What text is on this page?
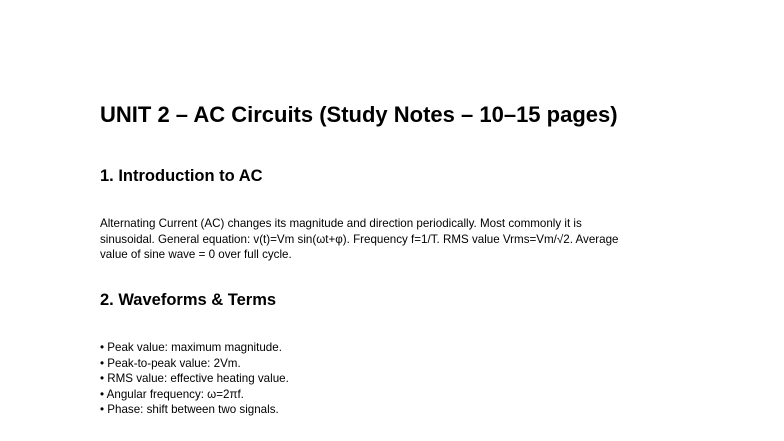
UNIT 2 – AC Circuits (Study Notes – 10–15 pages)
1. Introduction to AC

Alternating Current (AC) changes its magnitude and direction periodically. Most commonly it is
sinusoidal. General equation: v(t)=Vm sin(ωt+φ). Frequency f=1/T. RMS value Vrms=Vm/√2. Average
value of sine wave = 0 over full cycle.

2. Waveforms & Terms
• Peak value: maximum magnitude.
• Peak-to-peak value: 2Vm.
• RMS value: effective heating value.
• Angular frequency: ω=2πf.
• Phase: shift between two signals.
